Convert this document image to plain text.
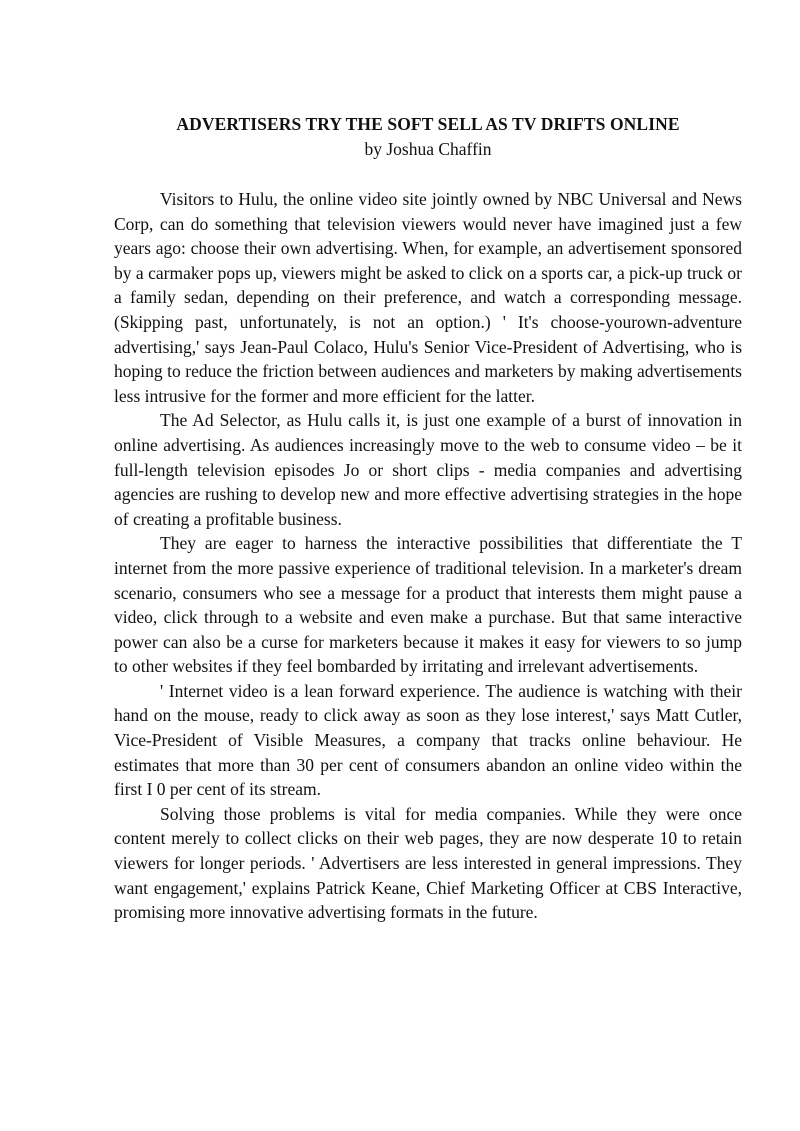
ADVERTISERS TRY THE SOFT SELL AS TV DRIFTS ONLINE

by Joshua Chaffin

Visitors to Hulu, the online video site jointly owned by NBC Universal and News Corp, can do something that television viewers would never have imagined just a few years ago: choose their own advertising. When, for example, an advertisement sponsored by a carmaker pops up, viewers might be asked to click on a sports car, a pick-up truck or a family sedan, depending on their preference, and watch a corresponding message. (Skipping past, unfortunately, is not an option.) ' It's choose-yourown-adventure advertising,' says Jean-Paul Colaco, Hulu's Senior Vice-President of Advertising, who is hoping to reduce the friction between audiences and marketers by making advertisements less intrusive for the former and more efficient for the latter.

The Ad Selector, as Hulu calls it, is just one example of a burst of innovation in online advertising. As audiences increasingly move to the web to consume video – be it full-length television episodes Jo or short clips - media companies and advertising agencies are rushing to develop new and more effective advertising strategies in the hope of creating a profitable business.

They are eager to harness the interactive possibilities that differentiate the T internet from the more passive experience of traditional television. In a marketer's dream scenario, consumers who see a message for a product that interests them might pause a video, click through to a website and even make a purchase. But that same interactive power can also be a curse for marketers because it makes it easy for viewers to so jump to other websites if they feel bombarded by irritating and irrelevant advertisements.

' Internet video is a lean forward experience. The audience is watching with their hand on the mouse, ready to click away as soon as they lose interest,' says Matt Cutler, Vice-President of Visible Measures, a company that tracks online behaviour. He estimates that more than 30 per cent of consumers abandon an online video within the first I 0 per cent of its stream.

Solving those problems is vital for media companies. While they were once content merely to collect clicks on their web pages, they are now desperate 10 to retain viewers for longer periods. ' Advertisers are less interested in general impressions. They want engagement,' explains Patrick Keane, Chief Marketing Officer at CBS Interactive, promising more innovative advertising formats in the future.
